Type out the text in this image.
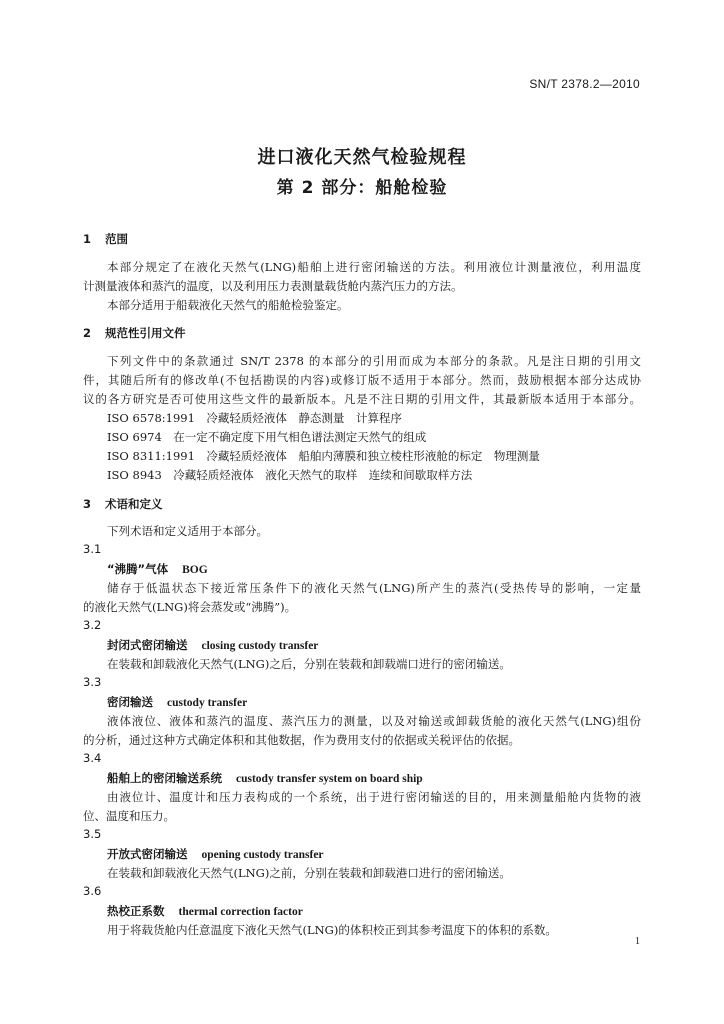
SN/T 2378.2—2010
进口液化天然气检验规程
第 2 部分：船舱检验
1 范围
本部分规定了在液化天然气(LNG)船舶上进行密闭输送的方法。利用液位计测量液位，利用温度
计测量液体和蒸汽的温度，以及利用压力表测量载货舱内蒸汽压力的方法。
本部分适用于船载液化天然气的船舱检验鉴定。
2 规范性引用文件
下列文件中的条款通过 SN/T 2378 的本部分的引用而成为本部分的条款。凡是注日期的引用文
件，其随后所有的修改单(不包括勘误的内容)或修订版不适用于本部分。然而，鼓励根据本部分达成协
议的各方研究是否可使用这些文件的最新版本。凡是不注日期的引用文件，其最新版本适用于本部分。
ISO 6578:1991　冷藏轻质烃液体　静态测量　计算程序
ISO 6974　在一定不确定度下用气相色谱法测定天然气的组成
ISO 8311:1991　冷藏轻质烃液体　船舶内薄膜和独立棱柱形液舱的标定　物理测量
ISO 8943　冷藏轻质烃液体　液化天然气的取样　连续和间歇取样方法
3 术语和定义
下列术语和定义适用于本部分。
3.1
“沸腾”气体 BOG
储存于低温状态下接近常压条件下的液化天然气(LNG)所产生的蒸汽(受热传导的影响，一定量
的液化天然气(LNG)将会蒸发或“沸腾”)。
3.2
封闭式密闭输送 closing custody transfer
在装载和卸载液化天然气(LNG)之后，分别在装载和卸载端口进行的密闭输送。
3.3
密闭输送 custody transfer
液体液位、液体和蒸汽的温度、蒸汽压力的测量，以及对输送或卸载货舱的液化天然气(LNG)组份
的分析，通过这种方式确定体积和其他数据，作为费用支付的依据或关税评估的依据。
3.4
船舶上的密闭输送系统 custody transfer system on board ship
由液位计、温度计和压力表构成的一个系统，出于进行密闭输送的目的，用来测量船舱内货物的液
位、温度和压力。
3.5
开放式密闭输送 opening custody transfer
在装载和卸载液化天然气(LNG)之前，分别在装载和卸载港口进行的密闭输送。
3.6
热校正系数 thermal correction factor
用于将载货舱内任意温度下液化天然气(LNG)的体积校正到其参考温度下的体积的系数。
1
